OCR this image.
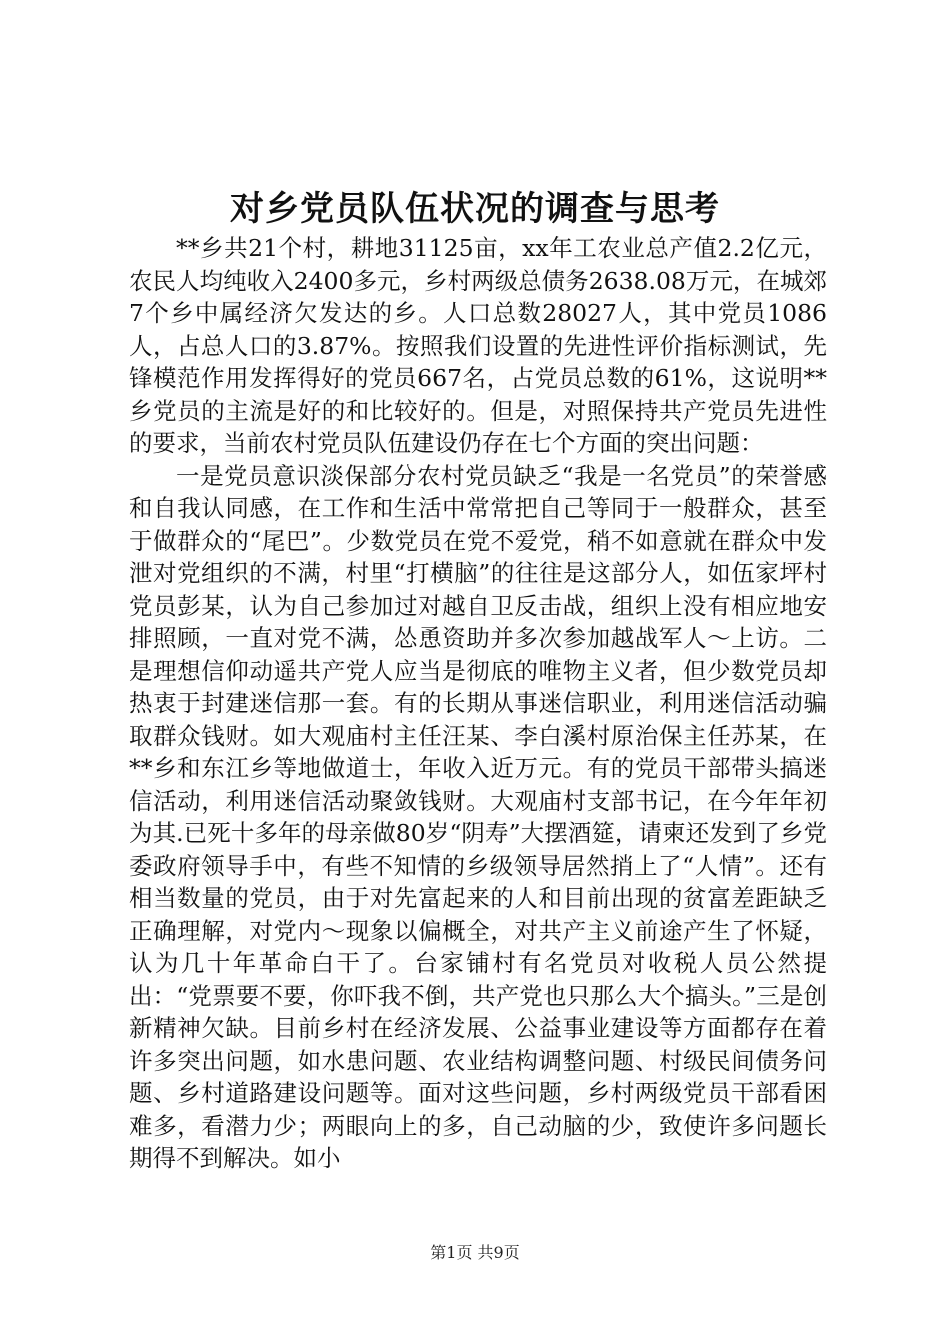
对乡党员队伍状况的调查与思考

**乡共21个村，耕地31125亩，xx年工农业总产值2.2亿元，农民人均纯收入2400多元，乡村两级总债务2638.08万元，在城郊7个乡中属经济欠发达的乡。人口总数28027人，其中党员1086人，占总人口的3.87%。按照我们设置的先进性评价指标测试，先锋模范作用发挥得好的党员667名，占党员总数的61%，这说明**乡党员的主流是好的和比较好的。但是，对照保持共产党员先进性的要求，当前农村党员队伍建设仍存在七个方面的突出问题：

一是党员意识淡保部分农村党员缺乏“我是一名党员”的荣誉感和自我认同感，在工作和生活中常常把自己等同于一般群众，甚至于做群众的“尾巴”。少数党员在党不爱党，稍不如意就在群众中发泄对党组织的不满，村里“打横脑”的往往是这部分人，如伍家坪村党员彭某，认为自己参加过对越自卫反击战，组织上没有相应地安排照顾，一直对党不满，怂恿资助并多次参加越战军人～上访。二是理想信仰动遥共产党人应当是彻底的唯物主义者，但少数党员却热衷于封建迷信那一套。有的长期从事迷信职业，利用迷信活动骗取群众钱财。如大观庙村主任汪某、李白溪村原治保主任苏某，在**乡和东江乡等地做道士，年收入近万元。有的党员干部带头搞迷信活动，利用迷信活动聚敛钱财。大观庙村支部书记，在今年年初为其.已死十多年的母亲做80岁“阴寿”大摆酒筵，请柬还发到了乡党委政府领导手中，有些不知情的乡级领导居然捎上了“人情”。还有相当数量的党员，由于对先富起来的人和目前出现的贫富差距缺乏正确理解，对党内～现象以偏概全，对共产主义前途产生了怀疑，认为几十年革命白干了。台家铺村有名党员对收税人员公然提出：“党票要不要，你吓我不倒，共产党也只那么大个搞头。”三是创新精神欠缺。目前乡村在经济发展、公益事业建设等方面都存在着许多突出问题，如水患问题、农业结构调整问题、村级民间债务问题、乡村道路建设问题等。面对这些问题，乡村两级党员干部看困难多，看潜力少；两眼向上的多，自己动脑的少，致使许多问题长期得不到解决。如小

第1页 共9页
